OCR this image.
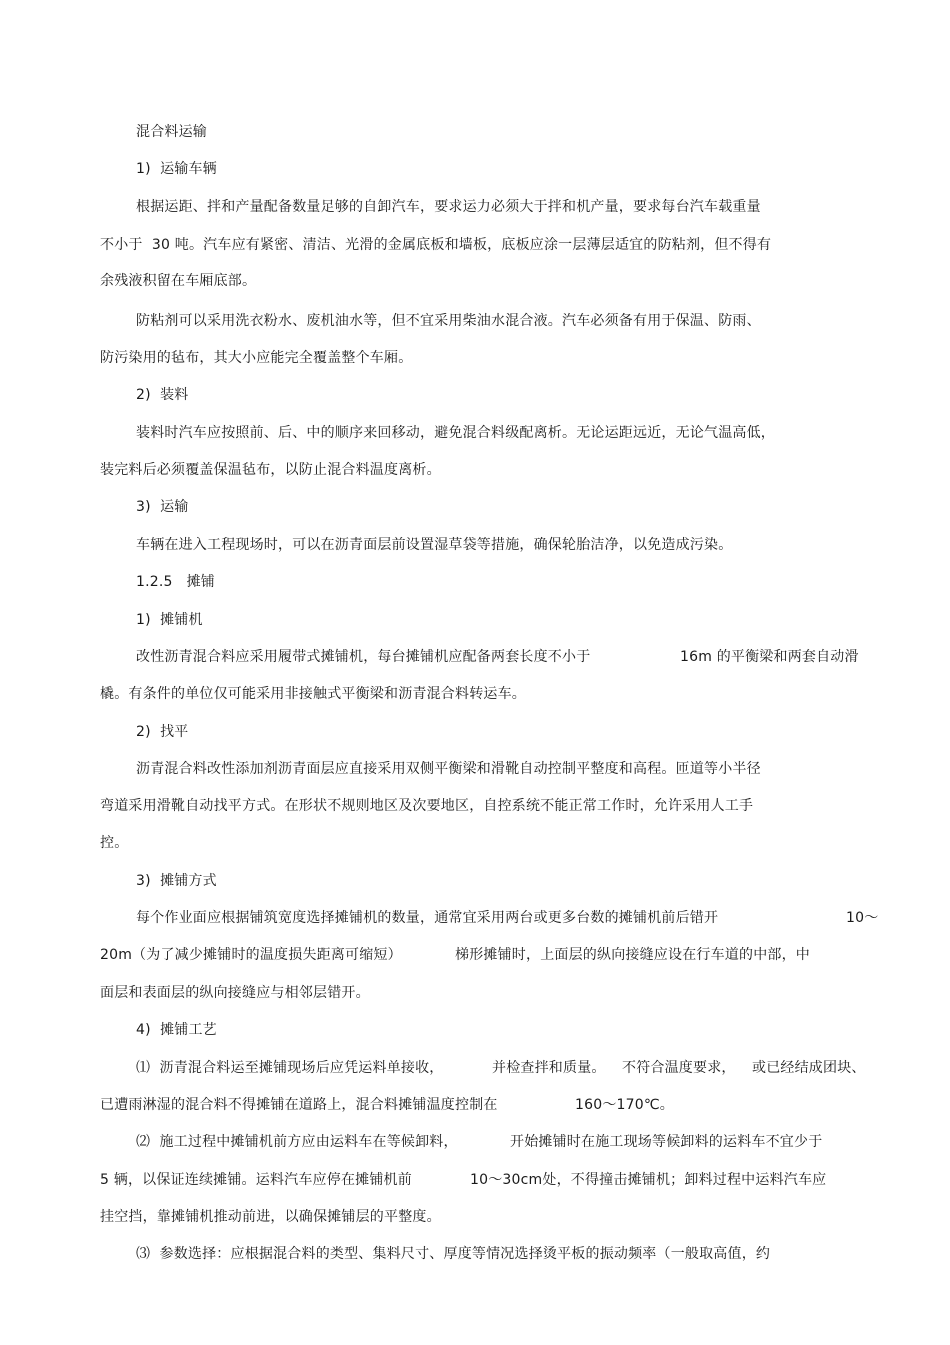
混合料运输
1)  运输车辆
根据运距、拌和产量配备数量足够的自卸汽车，要求运力必须大于拌和机产量，要求每台汽车载重量
不小于  30 吨。汽车应有紧密、清洁、光滑的金属底板和墙板，底板应涂一层薄层适宜的防粘剂，但不得有
余残液积留在车厢底部。
防粘剂可以采用洗衣粉水、废机油水等，但不宜采用柴油水混合液。汽车必须备有用于保温、防雨、
防污染用的毡布，其大小应能完全覆盖整个车厢。
2)  装料
装料时汽车应按照前、后、中的顺序来回移动，避免混合料级配离析。无论运距远近，无论气温高低，
装完料后必须覆盖保温毡布，以防止混合料温度离析。
3)  运输
车辆在进入工程现场时，可以在沥青面层前设置湿草袋等措施，确保轮胎洁净，以免造成污染。
1.2.5   摊铺
1)  摊铺机
改性沥青混合料应采用履带式摊铺机，每台摊铺机应配备两套长度不小于	16m 的平衡梁和两套自动滑
橇。有条件的单位仅可能采用非接触式平衡梁和沥青混合料转运车。
2)  找平
沥青混合料改性添加剂沥青面层应直接采用双侧平衡梁和滑靴自动控制平整度和高程。匝道等小半径
弯道采用滑靴自动找平方式。在形状不规则地区及次要地区，自控系统不能正常工作时，允许采用人工手
控。
3)  摊铺方式
每个作业面应根据铺筑宽度选择摊铺机的数量，通常宜采用两台或更多台数的摊铺机前后错开	10～
20m（为了减少摊铺时的温度损失距离可缩短）	梯形摊铺时，上面层的纵向接缝应设在行车道的中部，中
面层和表面层的纵向接缝应与相邻层错开。
4)  摊铺工艺
⑴  沥青混合料运至摊铺现场后应凭运料单接收，	并检查拌和质量。 不符合温度要求， 或已经结成团块、
已遭雨淋湿的混合料不得摊铺在道路上，混合料摊铺温度控制在	160～170℃。
⑵  施工过程中摊铺机前方应由运料车在等候卸料，	开始摊铺时在施工现场等候卸料的运料车不宜少于
5 辆，以保证连续摊铺。运料汽车应停在摊铺机前	10～30cm处，不得撞击摊铺机；卸料过程中运料汽车应
挂空挡，靠摊铺机推动前进，以确保摊铺层的平整度。
⑶  参数选择：应根据混合料的类型、集料尺寸、厚度等情况选择烫平板的振动频率（一般取高值，约
